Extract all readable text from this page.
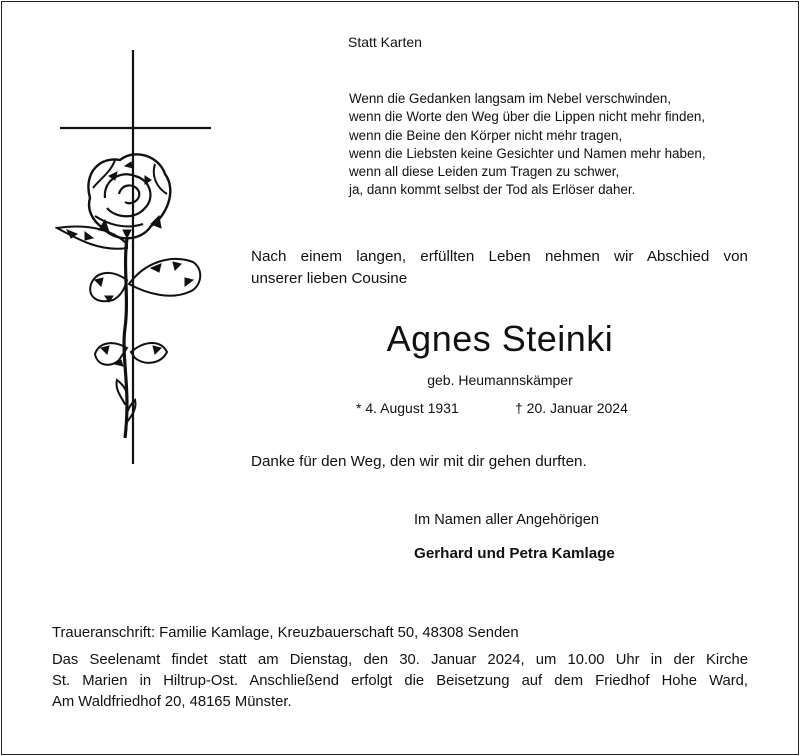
Statt Karten

Wenn die Gedanken langsam im Nebel verschwinden,
wenn die Worte den Weg über die Lippen nicht mehr finden,
wenn die Beine den Körper nicht mehr tragen,
wenn die Liebsten keine Gesichter und Namen mehr haben,
wenn all diese Leiden zum Tragen zu schwer,
ja, dann kommt selbst der Tod als Erlöser daher.
Nach einem langen, erfüllten Leben nehmen wir Abschied von
unserer lieben Cousine
Agnes Steinki
geb. Heumannskämper

* 4. August 1931	† 20. Januar 2024

Danke für den Weg, den wir mit dir gehen durften.

Im Namen aller Angehörigen

Gerhard und Petra Kamlage

Traueranschrift: Familie Kamlage, Kreuzbauerschaft 50, 48308 Senden

Das Seelenamt findet statt am Dienstag, den 30. Januar 2024, um 10.00 Uhr in der Kirche
St. Marien in Hiltrup-Ost. Anschließend erfolgt die Beisetzung auf dem Friedhof Hohe Ward,
Am Waldfriedhof 20, 48165 Münster.
